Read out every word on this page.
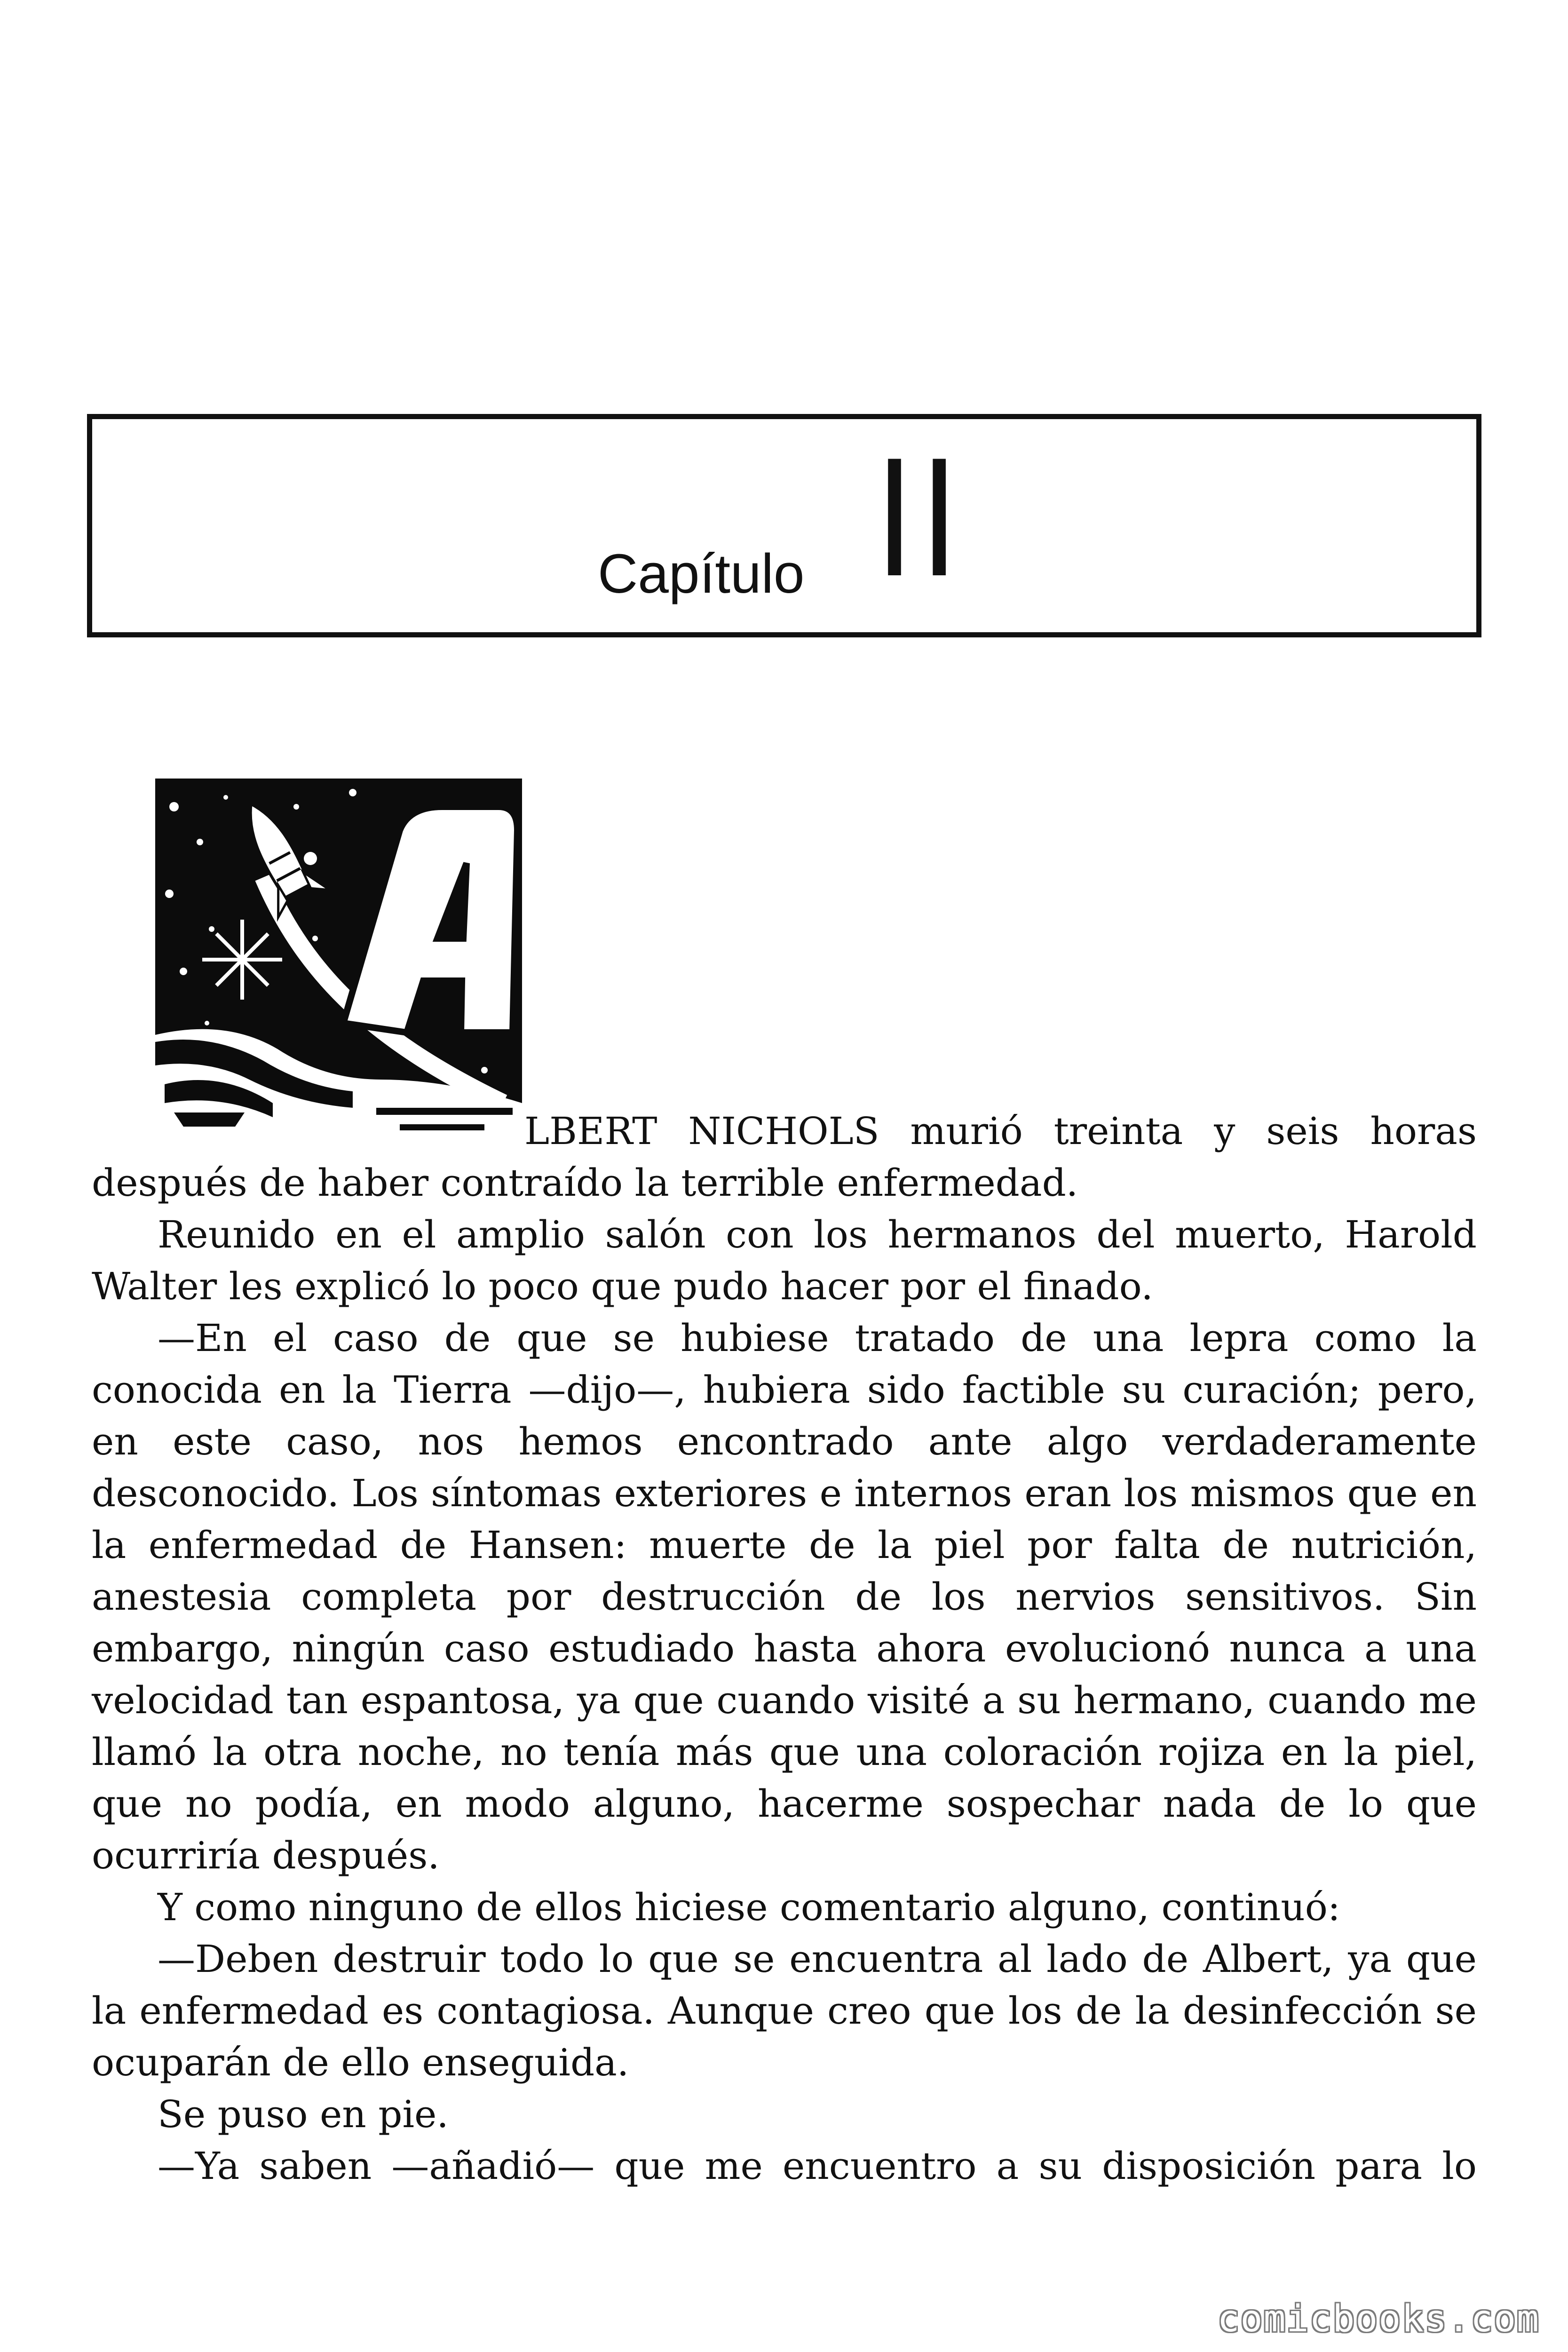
Capítulo II

LBERT NICHOLS murió treinta y seis horas después de haber contraído la terrible enfermedad.

Reunido en el amplio salón con los hermanos del muerto, Harold Walter les explicó lo poco que pudo hacer por el finado.

—En el caso de que se hubiese tratado de una lepra como la conocida en la Tierra —dijo—, hubiera sido factible su curación; pero, en este caso, nos hemos encontrado ante algo verdaderamente desconocido. Los síntomas exteriores e internos eran los mismos que en la enfermedad de Hansen: muerte de la piel por falta de nutrición, anestesia completa por destrucción de los nervios sensitivos. Sin embargo, ningún caso estudiado hasta ahora evolucionó nunca a una velocidad tan espantosa, ya que cuando visité a su hermano, cuando me llamó la otra noche, no tenía más que una coloración rojiza en la piel, que no podía, en modo alguno, hacerme sospechar nada de lo que ocurriría después.

Y como ninguno de ellos hiciese comentario alguno, continuó:

—Deben destruir todo lo que se encuentra al lado de Albert, ya que la enfermedad es contagiosa. Aunque creo que los de la desinfección se ocuparán de ello enseguida.

Se puso en pie.

—Ya saben —añadió— que me encuentro a su disposición para lo

comicbooks.com
